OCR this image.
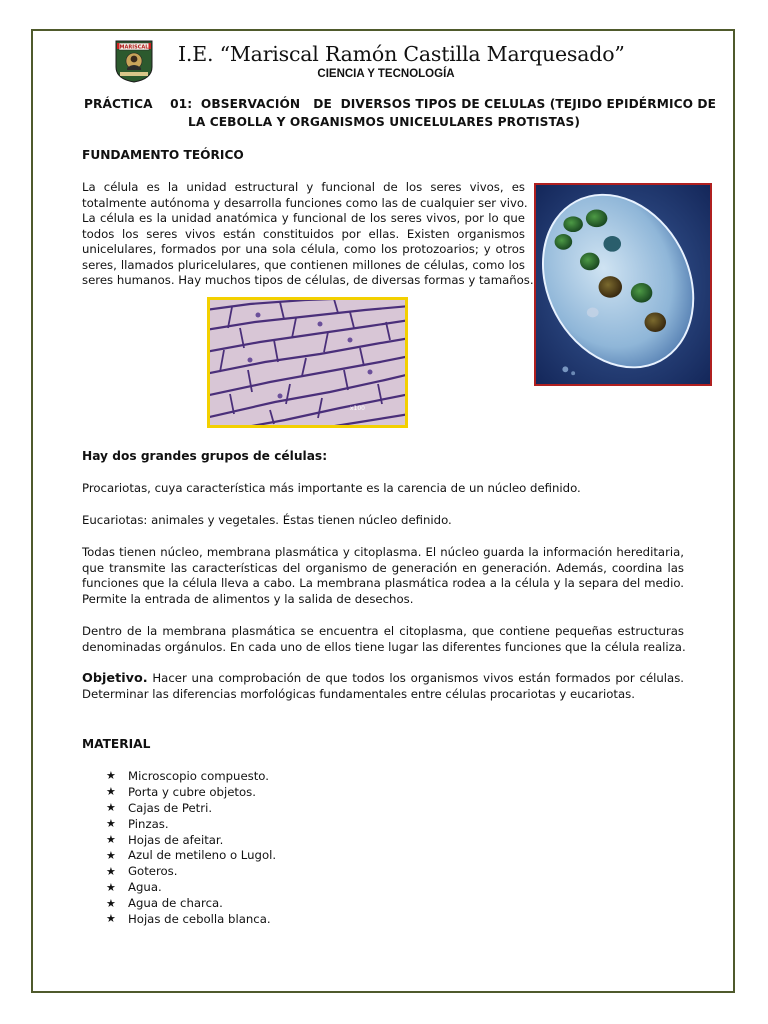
MARISCAL I.E. “Mariscal Ramón Castilla Marquesado”
CIENCIA Y TECNOLOGÍA
PRÁCTICA    01:  OBSERVACIÓN   DE  DIVERSOS TIPOS DE CELULAS (TEJIDO EPIDÉRMICO DE
LA CEBOLLA Y ORGANISMOS UNICELULARES PROTISTAS)
FUNDAMENTO TEÓRICO
La célula es la unidad estructural y funcional de los seres vivos, es
totalmente autónoma y desarrolla funciones como las de cualquier ser vivo.
La célula es la unidad anatómica y funcional de los seres vivos, por lo que
todos los seres vivos están constituidos por ellas. Existen organismos
unicelulares, formados por una sola célula, como los protozoarios; y otros
seres, llamados pluricelulares, que contienen millones de células, como los
seres humanos. Hay muchos tipos de células, de diversas formas y tamaños.
x100
Hay dos grandes grupos de células:
Procariotas, cuya característica más importante es la carencia de un núcleo definido.
Eucariotas: animales y vegetales. Éstas tienen núcleo definido.
Todas tienen núcleo, membrana plasmática y citoplasma. El núcleo guarda la información hereditaria,
que transmite las características del organismo de generación en generación. Además, coordina las
funciones que la célula lleva a cabo. La membrana plasmática rodea a la célula y la separa del medio.
Permite la entrada de alimentos y la salida de desechos.
Dentro de la membrana plasmática se encuentra el citoplasma, que contiene pequeñas estructuras
denominadas orgánulos. En cada uno de ellos tiene lugar las diferentes funciones que la célula realiza.
Objetivo. Hacer una comprobación de que todos los organismos vivos están formados por células.
Determinar las diferencias morfológicas fundamentales entre células procariotas y eucariotas.
MATERIAL
★	Microscopio compuesto.
★	Porta y cubre objetos.
★	Cajas de Petri.
★	Pinzas.
★	Hojas de afeitar.
★	Azul de metileno o Lugol.
★	Goteros.
★	Agua.
★	Agua de charca.
★	Hojas de cebolla blanca.
